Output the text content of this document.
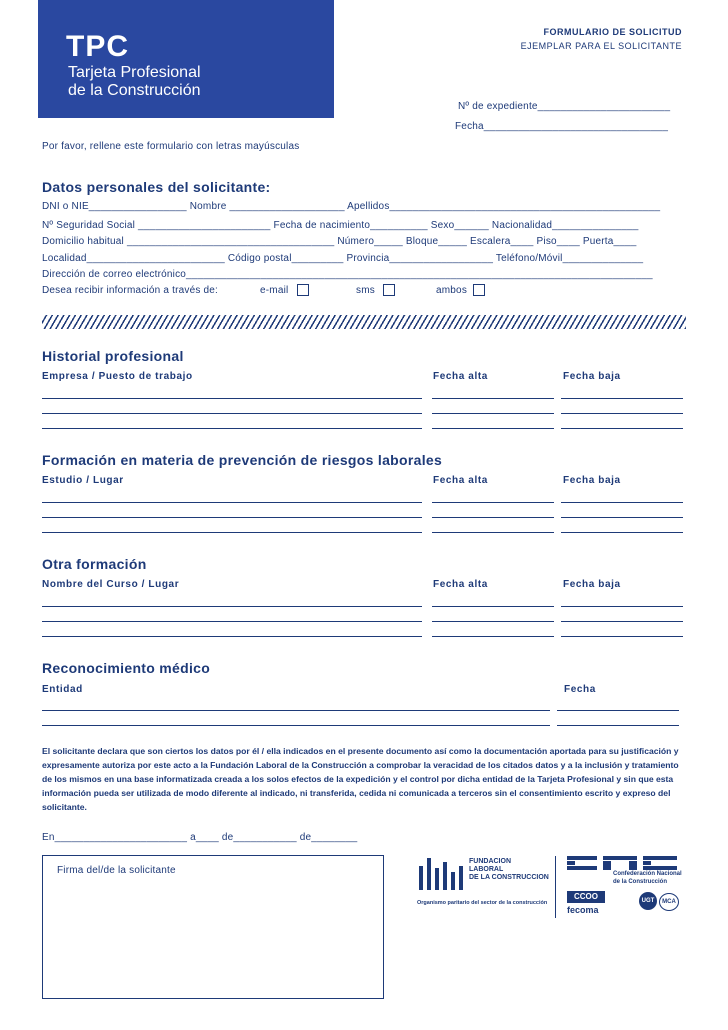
TPC
Tarjeta Profesional
de la Construcción
FORMULARIO DE SOLICITUD
EJEMPLAR PARA EL SOLICITANTE
Nº de expediente_______________________
Fecha________________________________
Por favor, rellene este formulario con letras mayúsculas
Datos personales del solicitante:
DNI o NIE_________________ Nombre ____________________ Apellidos_______________________________________________
Nº Seguridad Social _______________________ Fecha de nacimiento__________ Sexo______ Nacionalidad_______________
Domicilio habitual ____________________________________ Número_____ Bloque_____ Escalera____ Piso____ Puerta____
Localidad________________________ Código postal_________ Provincia__________________ Teléfono/Móvil______________
Dirección de correo electrónico_________________________________________________________________________________
Desea recibir información a través de:	e-mail	sms	ambos
Historial profesional
Empresa / Puesto de trabajo	Fecha alta	Fecha baja
Formación en materia de prevención de riesgos laborales
Estudio / Lugar	Fecha alta	Fecha baja
Otra formación
Nombre del Curso / Lugar	Fecha alta	Fecha baja
Reconocimiento médico
Entidad	Fecha
El solicitante declara que son ciertos los datos por él / ella indicados en el presente documento así como la documentación aportada para su justificación y expresamente autoriza por este acto a la Fundación Laboral de la Construcción a comprobar la veracidad de los citados datos y a la inclusión y tratamiento de los mismos en una base informatizada creada a los solos efectos de la expedición y el control por dicha entidad de la Tarjeta Profesional y sin que esta información pueda ser utilizada de modo diferente al indicado, ni transferida, cedida ni comunicada a terceros sin el consentimiento escrito y expreso del solicitante.
En_______________________ a____ de___________ de________
Firma del/de la solicitante
FUNDACION
LABORAL
DE LA CONSTRUCCION
Organismo paritario del sector de la construcción
Confederación Nacional
de la Construcción
CCOO
fecoma
UGT	MCA
